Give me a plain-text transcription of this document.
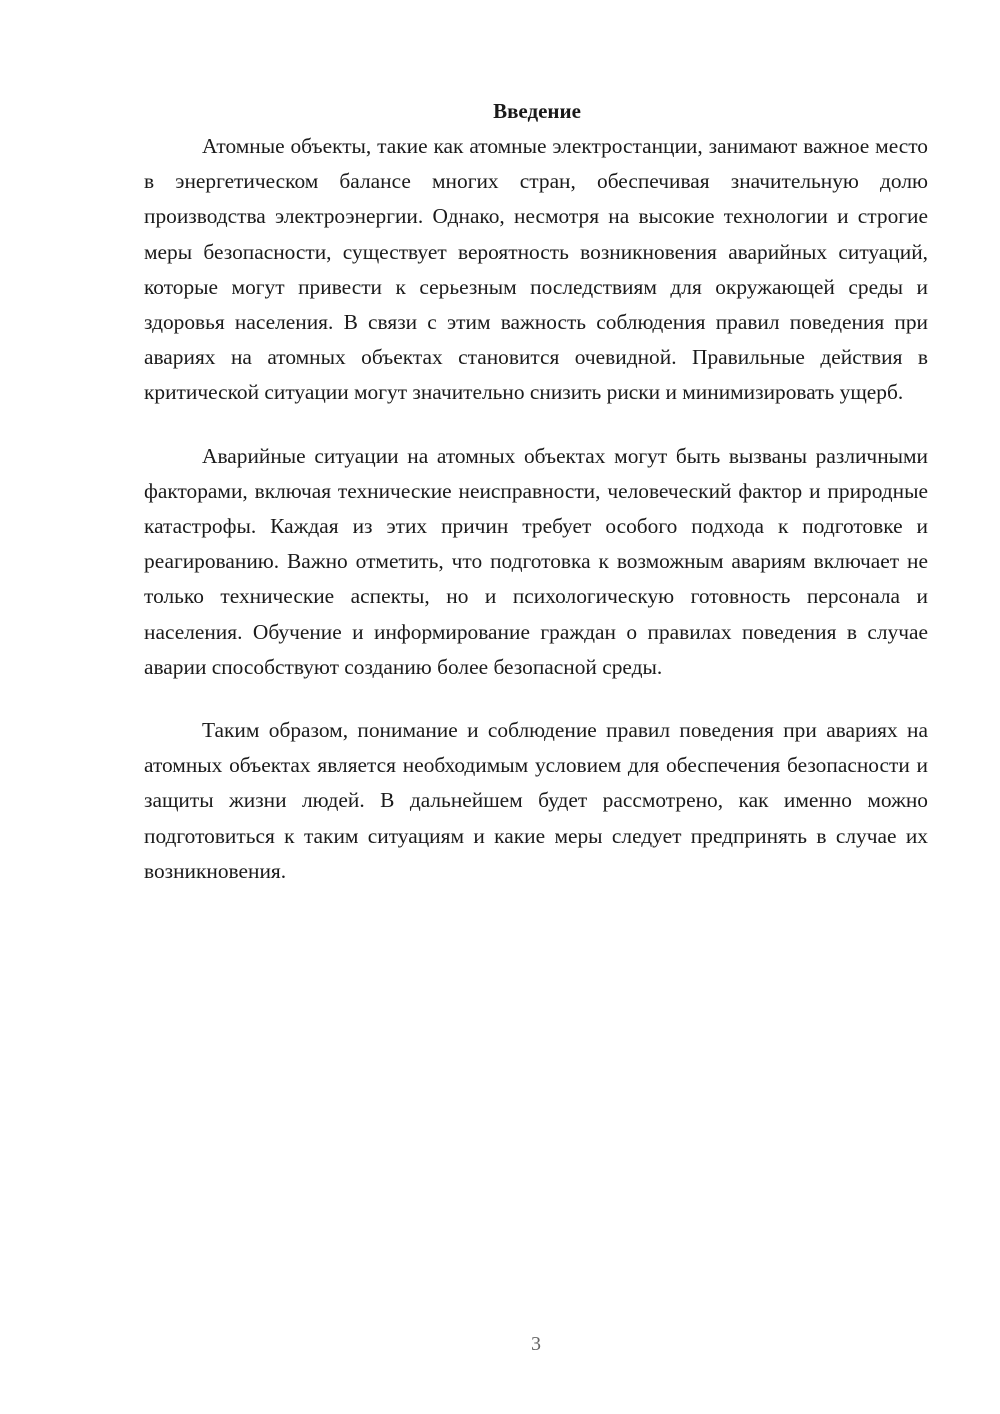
Введение

Атомные объекты, такие как атомные электростанции, занимают важное место в энергетическом балансе многих стран, обеспечивая значительную долю производства электроэнергии. Однако, несмотря на высокие технологии и строгие меры безопасности, существует вероятность возникновения аварийных ситуаций, которые могут привести к серьезным последствиям для окружающей среды и здоровья населения. В связи с этим важность соблюдения правил поведения при авариях на атомных объектах становится очевидной. Правильные действия в критической ситуации могут значительно снизить риски и минимизировать ущерб.

Аварийные ситуации на атомных объектах могут быть вызваны различными факторами, включая технические неисправности, человеческий фактор и природные катастрофы. Каждая из этих причин требует особого подхода к подготовке и реагированию. Важно отметить, что подготовка к возможным авариям включает не только технические аспекты, но и психологическую готовность персонала и населения. Обучение и информирование граждан о правилах поведения в случае аварии способствуют созданию более безопасной среды.

Таким образом, понимание и соблюдение правил поведения при авариях на атомных объектах является необходимым условием для обеспечения безопасности и защиты жизни людей. В дальнейшем будет рассмотрено, как именно можно подготовиться к таким ситуациям и какие меры следует предпринять в случае их возникновения.

3
